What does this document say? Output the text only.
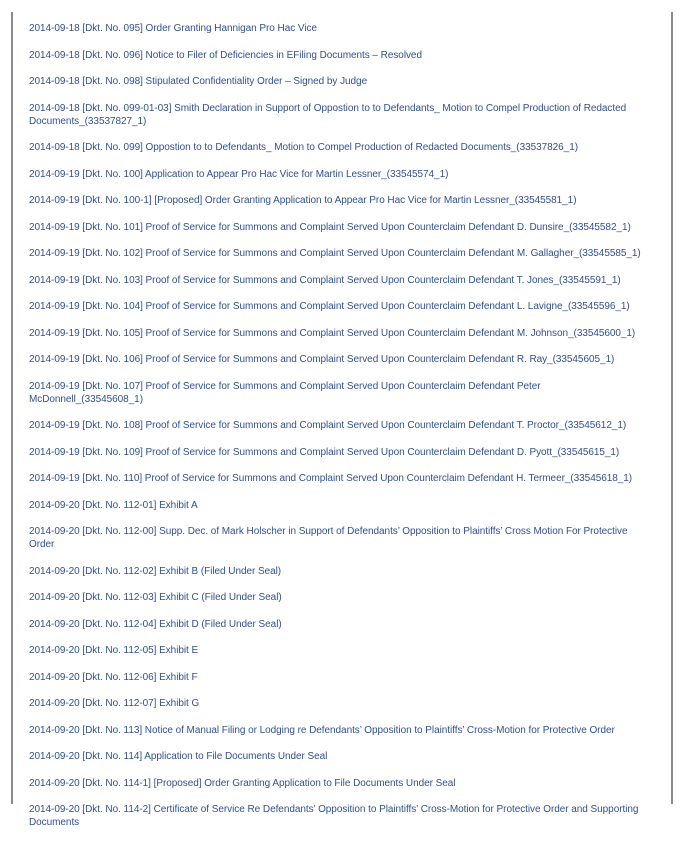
2014-09-18 [Dkt. No. 095] Order Granting Hannigan Pro Hac Vice
2014-09-18 [Dkt. No. 096] Notice to Filer of Deficiencies in EFiling Documents – Resolved
2014-09-18 [Dkt. No. 098] Stipulated Confidentiality Order – Signed by Judge
2014-09-18 [Dkt. No. 099-01-03] Smith Declaration in Support of Oppostion to to Defendants_ Motion to Compel Production of Redacted Documents_(33537827_1)
2014-09-18 [Dkt. No. 099] Oppostion to to Defendants_ Motion to Compel Production of Redacted Documents_(33537826_1)
2014-09-19 [Dkt. No. 100] Application to Appear Pro Hac Vice for Martin Lessner_(33545574_1)
2014-09-19 [Dkt. No. 100-1] [Proposed] Order Granting Application to Appear Pro Hac Vice for Martin Lessner_(33545581_1)
2014-09-19 [Dkt. No. 101] Proof of Service for Summons and Complaint Served Upon Counterclaim Defendant D. Dunsire_(33545582_1)
2014-09-19 [Dkt. No. 102] Proof of Service for Summons and Complaint Served Upon Counterclaim Defendant M. Gallagher_(33545585_1)
2014-09-19 [Dkt. No. 103] Proof of Service for Summons and Complaint Served Upon Counterclaim Defendant T. Jones_(33545591_1)
2014-09-19 [Dkt. No. 104] Proof of Service for Summons and Complaint Served Upon Counterclaim Defendant L. Lavigne_(33545596_1)
2014-09-19 [Dkt. No. 105] Proof of Service for Summons and Complaint Served Upon Counterclaim Defendant M. Johnson_(33545600_1)
2014-09-19 [Dkt. No. 106] Proof of Service for Summons and Complaint Served Upon Counterclaim Defendant R. Ray_(33545605_1)
2014-09-19 [Dkt. No. 107] Proof of Service for Summons and Complaint Served Upon Counterclaim Defendant Peter McDonnell_(33545608_1)
2014-09-19 [Dkt. No. 108] Proof of Service for Summons and Complaint Served Upon Counterclaim Defendant T. Proctor_(33545612_1)
2014-09-19 [Dkt. No. 109] Proof of Service for Summons and Complaint Served Upon Counterclaim Defendant D. Pyott_(33545615_1)
2014-09-19 [Dkt. No. 110] Proof of Service for Summons and Complaint Served Upon Counterclaim Defendant H. Termeer_(33545618_1)
2014-09-20 [Dkt. No. 112-01] Exhibit A
2014-09-20 [Dkt. No. 112-00] Supp. Dec. of Mark Holscher in Support of Defendants’ Opposition to Plaintiffs’ Cross Motion For Protective Order
2014-09-20 [Dkt. No. 112-02] Exhibit B (Filed Under Seal)
2014-09-20 [Dkt. No. 112-03] Exhibit C (Filed Under Seal)
2014-09-20 [Dkt. No. 112-04] Exhibit D (Filed Under Seal)
2014-09-20 [Dkt. No. 112-05] Exhibit E
2014-09-20 [Dkt. No. 112-06] Exhibit F
2014-09-20 [Dkt. No. 112-07] Exhibit G
2014-09-20 [Dkt. No. 113] Notice of Manual Filing or Lodging re Defendants’ Opposition to Plaintiffs’ Cross-Motion for Protective Order
2014-09-20 [Dkt. No. 114] Application to File Documents Under Seal
2014-09-20 [Dkt. No. 114-1] [Proposed] Order Granting Application to File Documents Under Seal
2014-09-20 [Dkt. No. 114-2] Certificate of Service Re Defendants’ Opposition to Plaintiffs’ Cross-Motion for Protective Order and Supporting Documents
